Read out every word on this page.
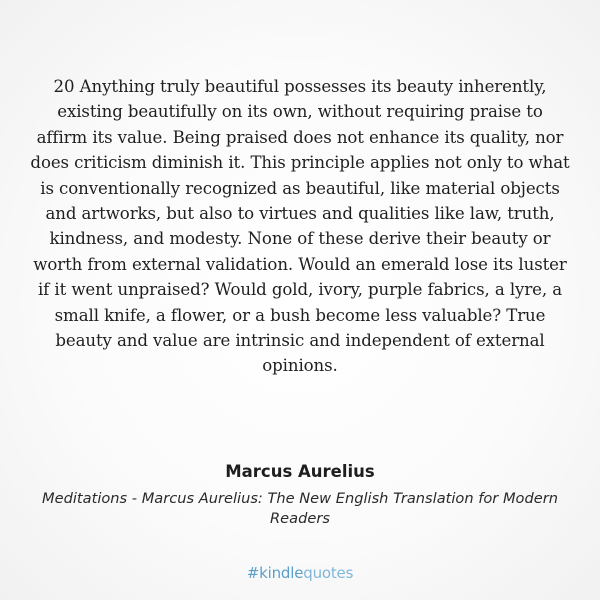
20 Anything truly beautiful possesses its beauty inherently, existing beautifully on its own, without requiring praise to affirm its value. Being praised does not enhance its quality, nor does criticism diminish it. This principle applies not only to what is conventionally recognized as beautiful, like material objects and artworks, but also to virtues and qualities like law, truth, kindness, and modesty. None of these derive their beauty or worth from external validation. Would an emerald lose its luster if it went unpraised? Would gold, ivory, purple fabrics, a lyre, a small knife, a flower, or a bush become less valuable? True beauty and value are intrinsic and independent of external opinions.

Marcus Aurelius
Meditations - Marcus Aurelius: The New English Translation for Modern Readers
#kindlequotes
